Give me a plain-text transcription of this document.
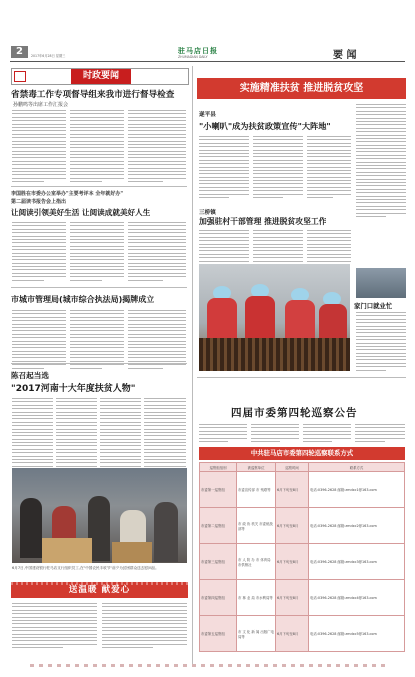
2	2017年6月28日 星期三
驻马店日报
ZHUMADIAN DAILY	要 闻
时政要闻
省禁毒工作专项督导组来我市进行督导检查
孙鹏鸣等出席工作汇报会
李国胜在市委办公室举办"主要考评本 全年就好办"
第二届读书报告会上指出
让阅读引领美好生活 让阅读成就美好人生
市城市管理局(城市综合执法局)揭牌成立
陈召起当选
"2017河南十大年度扶贫人物"
6月7日,中国建设银行驻马店支行组织员工,在"中国农民丰收节"前夕为贫困群众送去慰问品。
送温暖 献爱心
实施精准扶贫 推进脱贫攻坚
遂平县
"小喇叭"成为扶贫政策宣传"大阵地"
三桥镇
加强驻村干部管理 推进脱贫攻坚工作
家门口就业忙
四届市委第四轮巡察公告
中共驻马店市委第四轮巡察联系方式
巡察组组别	被巡察单位	巡察时间	联系方式
市委第一巡察组	市委宣传部 市 残联等	6月下旬至8月	电话:0396-2628 邮箱:zmdxc1@163.com
市委第二巡察组	市 政 协 机关 市委统战部等	6月下旬至8月	电话:0396-2628 邮箱:zmdxc2@163.com
市委第三巡察组	市 人 防 办 市 体育局 市供销社	6月下旬至8月	电话:0396-2628 邮箱:zmdxc3@163.com
市委第四巡察组	市 林 业 局 市水利局等	6月下旬至8月	电话:0396-2628 邮箱:zmdxc4@163.com
市委第五巡察组	市 文 化 新 闻 出版广电局等	6月下旬至8月	电话:0396-2628 邮箱:zmdxc5@163.com
